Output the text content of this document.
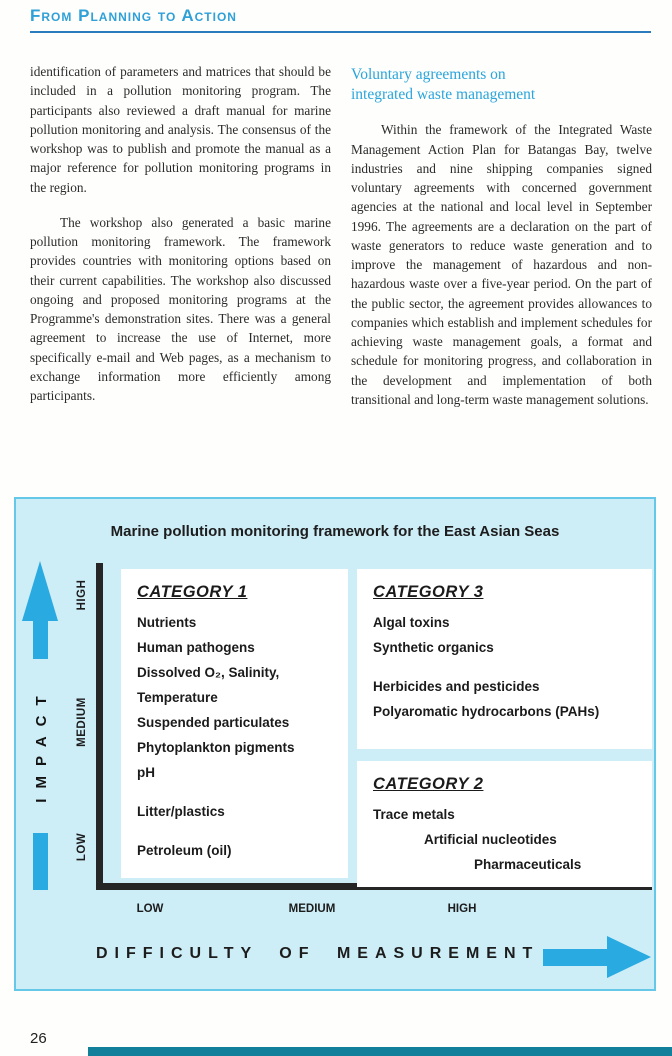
From Planning to Action

identification of parameters and matrices that should be included in a pollution monitoring program. The participants also reviewed a draft manual for marine pollution monitoring and analysis. The consensus of the workshop was to publish and promote the manual as a major reference for pollution monitoring programs in the region.

The workshop also generated a basic marine pollution monitoring framework. The framework provides countries with monitoring options based on their current capabilities. The workshop also discussed ongoing and proposed monitoring programs at the Programme's demonstration sites. There was a general agreement to increase the use of Internet, more specifically e-mail and Web pages, as a mechanism to exchange information more efficiently among participants.

Voluntary agreements on integrated waste management

Within the framework of the Integrated Waste Management Action Plan for Batangas Bay, twelve industries and nine shipping companies signed voluntary agreements with concerned government agencies at the national and local level in September 1996. The agreements are a declaration on the part of waste generators to reduce waste generation and to improve the management of hazardous and non-hazardous waste over a five-year period. On the part of the public sector, the agreement provides allowances to companies which establish and implement schedules for achieving waste management goals, a format and schedule for monitoring progress, and collaboration in the development and implementation of both transitional and long-term waste management solutions.

Marine pollution monitoring framework for the East Asian Seas
IMPACT
HIGH
MEDIUM
LOW
CATEGORY 1
Nutrients
Human pathogens
Dissolved O₂, Salinity,
Temperature
Suspended particulates
Phytoplankton pigments
pH
Litter/plastics
Petroleum (oil)
CATEGORY 3
Algal toxins
Synthetic organics
Herbicides and pesticides
Polyaromatic hydrocarbons (PAHs)
CATEGORY 2
Trace metals
Artificial nucleotides
Pharmaceuticals
LOW	MEDIUM	HIGH
DIFFICULTY OF MEASUREMENT
26
